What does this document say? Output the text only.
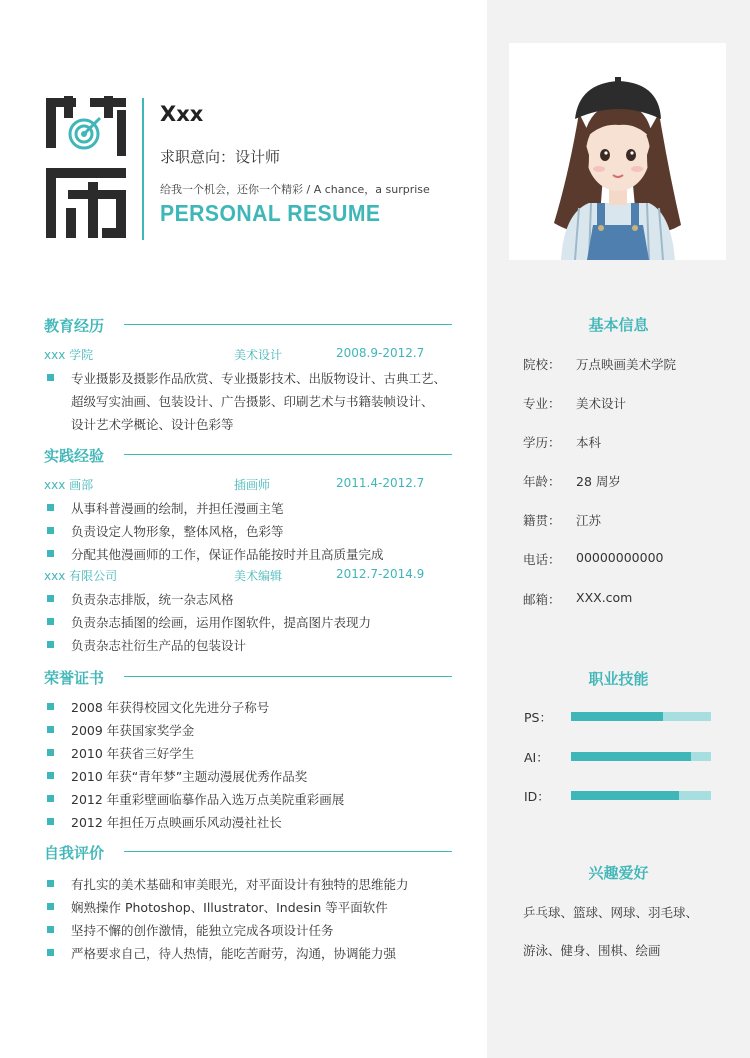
Xxx
求职意向：设计师
给我一个机会，还你一个精彩 / A chance，a surprise
PERSONAL RESUME
教育经历
xxx 学院	美术设计	2008.9-2012.7
专业摄影及摄影作品欣赏、专业摄影技术、出版物设计、古典工艺、
超级写实油画、包装设计、广告摄影、印刷艺术与书籍装帧设计、
设计艺术学概论、设计色彩等
实践经验
xxx 画部	插画师	2011.4-2012.7
从事科普漫画的绘制，并担任漫画主笔
负责设定人物形象，整体风格，色彩等
分配其他漫画师的工作，保证作品能按时并且高质量完成
xxx 有限公司	美术编辑	2012.7-2014.9
负责杂志排版，统一杂志风格
负责杂志插图的绘画，运用作图软件，提高图片表现力
负责杂志社衍生产品的包装设计
荣誉证书
2008 年获得校园文化先进分子称号
2009 年获国家奖学金
2010 年获省三好学生
2010 年获“青年梦”主题动漫展优秀作品奖
2012 年重彩壁画临摹作品入选万点美院重彩画展
2012 年担任万点映画乐风动漫社社长
自我评价
有扎实的美术基础和审美眼光，对平面设计有独特的思维能力
娴熟操作 Photoshop、Illustrator、Indesin 等平面软件
坚持不懈的创作激情，能独立完成各项设计任务
严格要求自己，待人热情，能吃苦耐劳，沟通，协调能力强
基本信息
院校： 万点映画美术学院
专业： 美术设计
学历： 本科
年龄： 28 周岁
籍贯： 江苏
电话： 00000000000
邮箱： XXX.com
职业技能
PS：
AI：
ID：
兴趣爱好
乒乓球、篮球、网球、羽毛球、
游泳、健身、围棋、绘画
